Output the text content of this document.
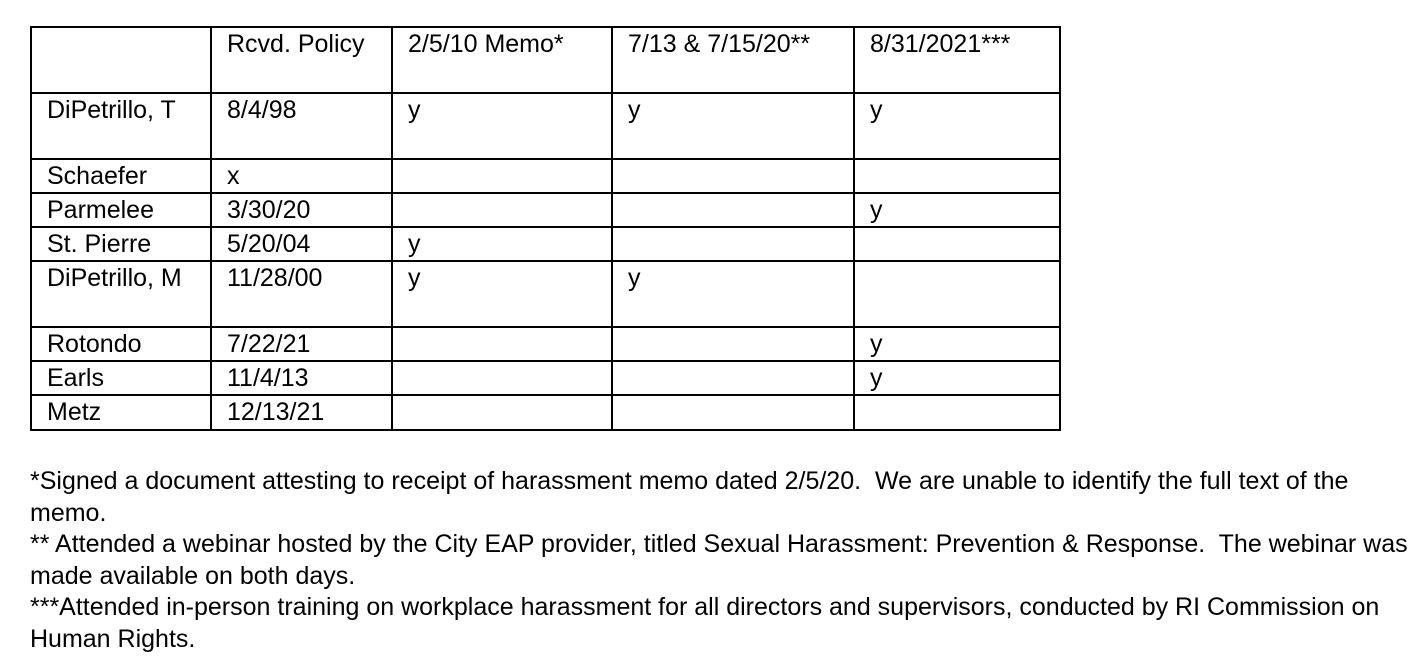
	Rcvd. Policy	2/5/10 Memo*	7/13 & 7/15/20**	8/31/2021***
DiPetrillo, T	8/4/98	y	y	y
Schaefer	x			
Parmelee	3/30/20			y
St. Pierre	5/20/04	y		
DiPetrillo, M	11/28/00	y	y	
Rotondo	7/22/21			y
Earls	11/4/13			y
Metz	12/13/21			

*Signed a document attesting to receipt of harassment memo dated 2/5/20.  We are unable to identify the full text of the memo.

** Attended a webinar hosted by the City EAP provider, titled Sexual Harassment: Prevention & Response.  The webinar was made available on both days.

***Attended in-person training on workplace harassment for all directors and supervisors, conducted by RI Commission on Human Rights.
